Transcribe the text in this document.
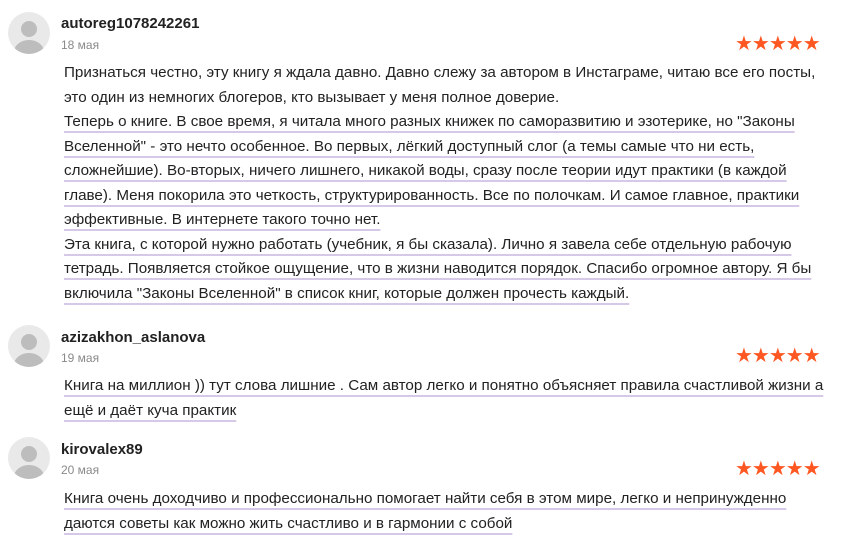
autoreg1078242261
18 мая	★★★★★

Признаться честно, эту книгу я ждала давно. Давно слежу за автором в Инстаграме, читаю все его посты, это один из немногих блогеров, кто вызывает у меня полное доверие.

Теперь о книге. В свое время, я читала много разных книжек по саморазвитию и эзотерике, но "Законы Вселенной" - это нечто особенное. Во первых, лёгкий доступный слог (а темы самые что ни есть, сложнейшие). Во-вторых, ничего лишнего, никакой воды, сразу после теории идут практики (в каждой главе). Меня покорила это четкость, структурированность. Все по полочкам. И самое главное, практики эффективные. В интернете такого точно нет.

Эта книга, с которой нужно работать (учебник, я бы сказала). Лично я завела себе отдельную рабочую тетрадь. Появляется стойкое ощущение, что в жизни наводится порядок. Спасибо огромное автору. Я бы включила "Законы Вселенной" в список книг, которые должен прочесть каждый.

azizakhon_aslanova
19 мая	★★★★★

Книга на миллион )) тут слова лишние . Сам автор легко и понятно объясняет правила счастливой жизни а ещё и даёт куча практик

kirovalex89
20 мая	★★★★★

Книга очень доходчиво и профессионально помогает найти себя в этом мире, легко и непринужденно даются советы как можно жить счастливо и в гармонии с собой
